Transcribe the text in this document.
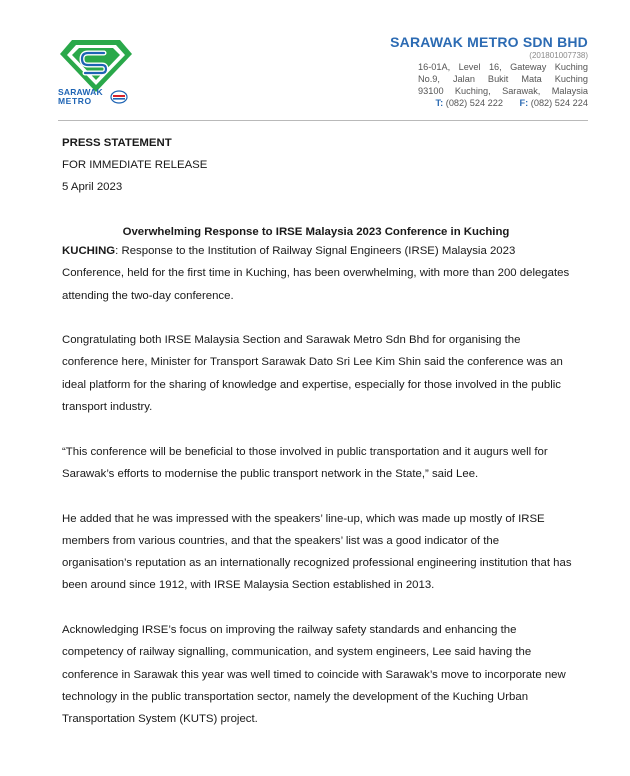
SARAWAK
METRO
SARAWAK METRO SDN BHD
(201801007738)
16-01A, Level 16, Gateway Kuching
No.9, Jalan Bukit Mata Kuching
93100 Kuching, Sarawak, Malaysia
T: (082) 524 222 F: (082) 524 224
PRESS STATEMENT
FOR IMMEDIATE RELEASE
5 April 2023
Overwhelming Response to IRSE Malaysia 2023 Conference in Kuching

KUCHING: Response to the Institution of Railway Signal Engineers (IRSE) Malaysia 2023 Conference, held for the first time in Kuching, has been overwhelming, with more than 200 delegates attending the two-day conference.

Congratulating both IRSE Malaysia Section and Sarawak Metro Sdn Bhd for organising the conference here, Minister for Transport Sarawak Dato Sri Lee Kim Shin said the conference was an ideal platform for the sharing of knowledge and expertise, especially for those involved in the public transport industry.

“This conference will be beneficial to those involved in public transportation and it augurs well for Sarawak’s efforts to modernise the public transport network in the State,” said Lee.

He added that he was impressed with the speakers’ line-up, which was made up mostly of IRSE members from various countries, and that the speakers’ list was a good indicator of the organisation’s reputation as an internationally recognized professional engineering institution that has been around since 1912, with IRSE Malaysia Section established in 2013.

Acknowledging IRSE’s focus on improving the railway safety standards and enhancing the competency of railway signalling, communication, and system engineers, Lee said having the conference in Sarawak this year was well timed to coincide with Sarawak’s move to incorporate new technology in the public transportation sector, namely the development of the Kuching Urban Transportation System (KUTS) project.
